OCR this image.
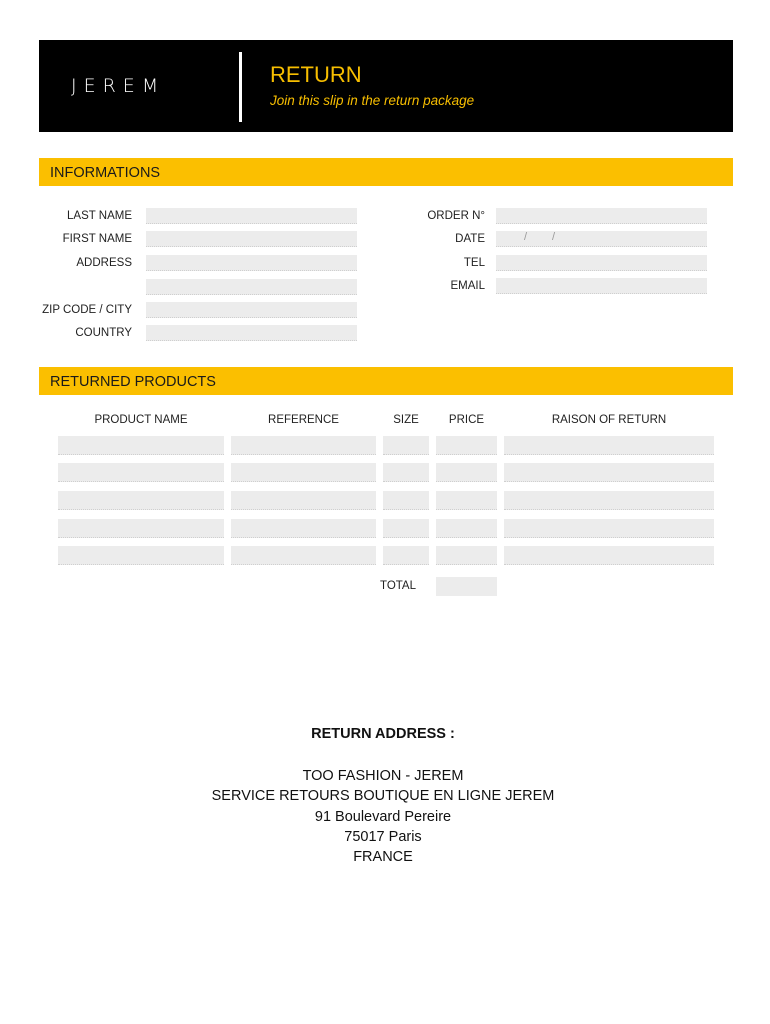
JEREM	RETURN
Join this slip in the return package
INFORMATIONS
LAST NAME
FIRST NAME
ADDRESS
ZIP CODE / CITY
COUNTRY
ORDER N°
DATE	/ /
TEL
EMAIL
RETURNED PRODUCTS
PRODUCT NAME	REFERENCE	SIZE	PRICE	RAISON OF RETURN
TOTAL
RETURN ADDRESS :
TOO FASHION - JEREM
SERVICE RETOURS BOUTIQUE EN LIGNE JEREM
91 Boulevard Pereire
75017 Paris
FRANCE
